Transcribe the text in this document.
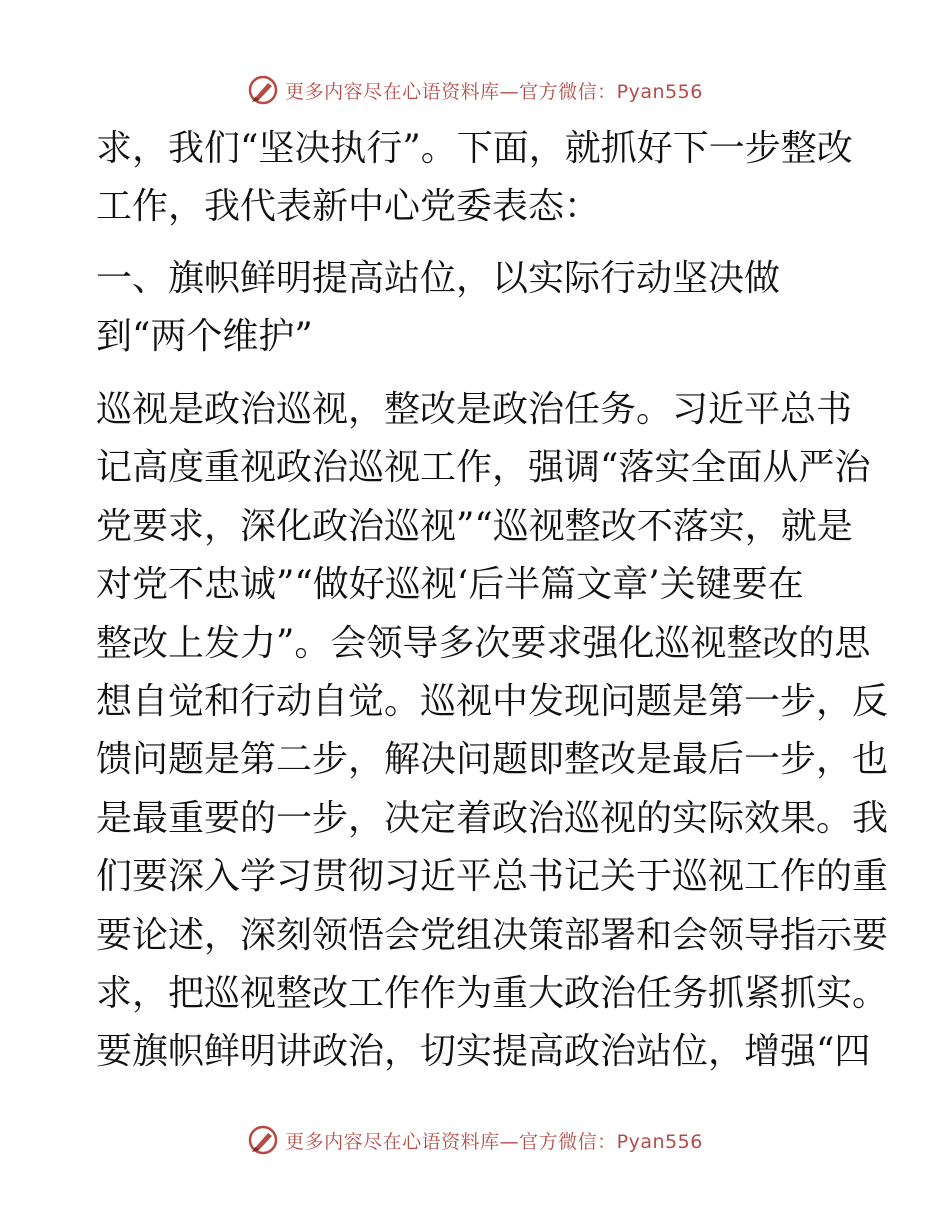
更多内容尽在心语资料库—官方微信：Pyan556
求，我们“坚决执行”。下面，就抓好下一步整改
工作，我代表新中心党委表态：
一、旗帜鲜明提高站位，以实际行动坚决做
到“两个维护”
巡视是政治巡视，整改是政治任务。习近平总书
记高度重视政治巡视工作，强调“落实全面从严治
党要求，深化政治巡视”“巡视整改不落实，就是
对党不忠诚”“做好巡视‘后半篇文章’关键要在
整改上发力”。会领导多次要求强化巡视整改的思
想自觉和行动自觉。巡视中发现问题是第一步，反
馈问题是第二步，解决问题即整改是最后一步，也
是最重要的一步，决定着政治巡视的实际效果。我
们要深入学习贯彻习近平总书记关于巡视工作的重
要论述，深刻领悟会党组决策部署和会领导指示要
求，把巡视整改工作作为重大政治任务抓紧抓实。
要旗帜鲜明讲政治，切实提高政治站位，增强“四
更多内容尽在心语资料库—官方微信：Pyan556
